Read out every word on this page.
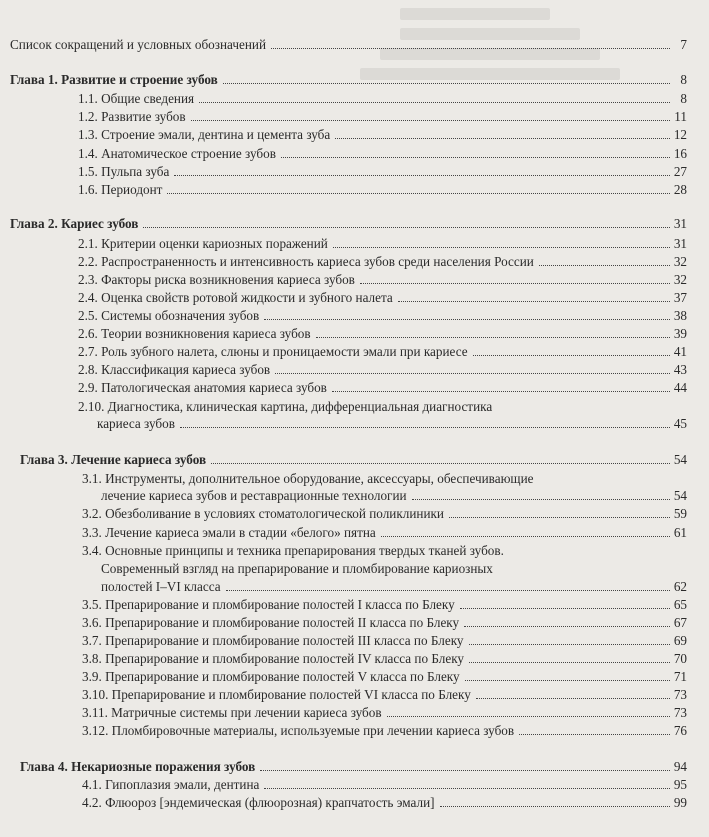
Список сокращений и условных обозначений	7
Глава 1. Развитие и строение зубов	8
1.1. Общие сведения	8
1.2. Развитие зубов	11
1.3. Строение эмали, дентина и цемента зуба	12
1.4. Анатомическое строение зубов	16
1.5. Пульпа зуба	27
1.6. Периодонт	28
Глава 2. Кариес зубов	31
2.1. Критерии оценки кариозных поражений	31
2.2. Распространенность и интенсивность кариеса зубов среди населения России	32
2.3. Факторы риска возникновения кариеса зубов	32
2.4. Оценка свойств ротовой жидкости и зубного налета	37
2.5. Системы обозначения зубов	38
2.6. Теории возникновения кариеса зубов	39
2.7. Роль зубного налета, слюны и проницаемости эмали при кариесе	41
2.8. Классификация кариеса зубов	43
2.9. Патологическая анатомия кариеса зубов	44
2.10. Диагностика, клиническая картина, дифференциальная диагностика
кариеса зубов	45
Глава 3. Лечение кариеса зубов	54
3.1. Инструменты, дополнительное оборудование, аксессуары, обеспечивающие
лечение кариеса зубов и реставрационные технологии	54
3.2. Обезболивание в условиях стоматологической поликлиники	59
3.3. Лечение кариеса эмали в стадии «белого» пятна	61
3.4. Основные принципы и техника препарирования твердых тканей зубов.
Современный взгляд на препарирование и пломбирование кариозных
полостей I–VI класса	62
3.5. Препарирование и пломбирование полостей I класса по Блеку	65
3.6. Препарирование и пломбирование полостей II класса по Блеку	67
3.7. Препарирование и пломбирование полостей III класса по Блеку	69
3.8. Препарирование и пломбирование полостей IV класса по Блеку	70
3.9. Препарирование и пломбирование полостей V класса по Блеку	71
3.10. Препарирование и пломбирование полостей VI класса по Блеку	73
3.11. Матричные системы при лечении кариеса зубов	73
3.12. Пломбировочные материалы, используемые при лечении кариеса зубов	76
Глава 4. Некариозные поражения зубов	94
4.1. Гипоплазия эмали, дентина	95
4.2. Флюороз [эндемическая (флюорозная) крапчатость эмали]	99
